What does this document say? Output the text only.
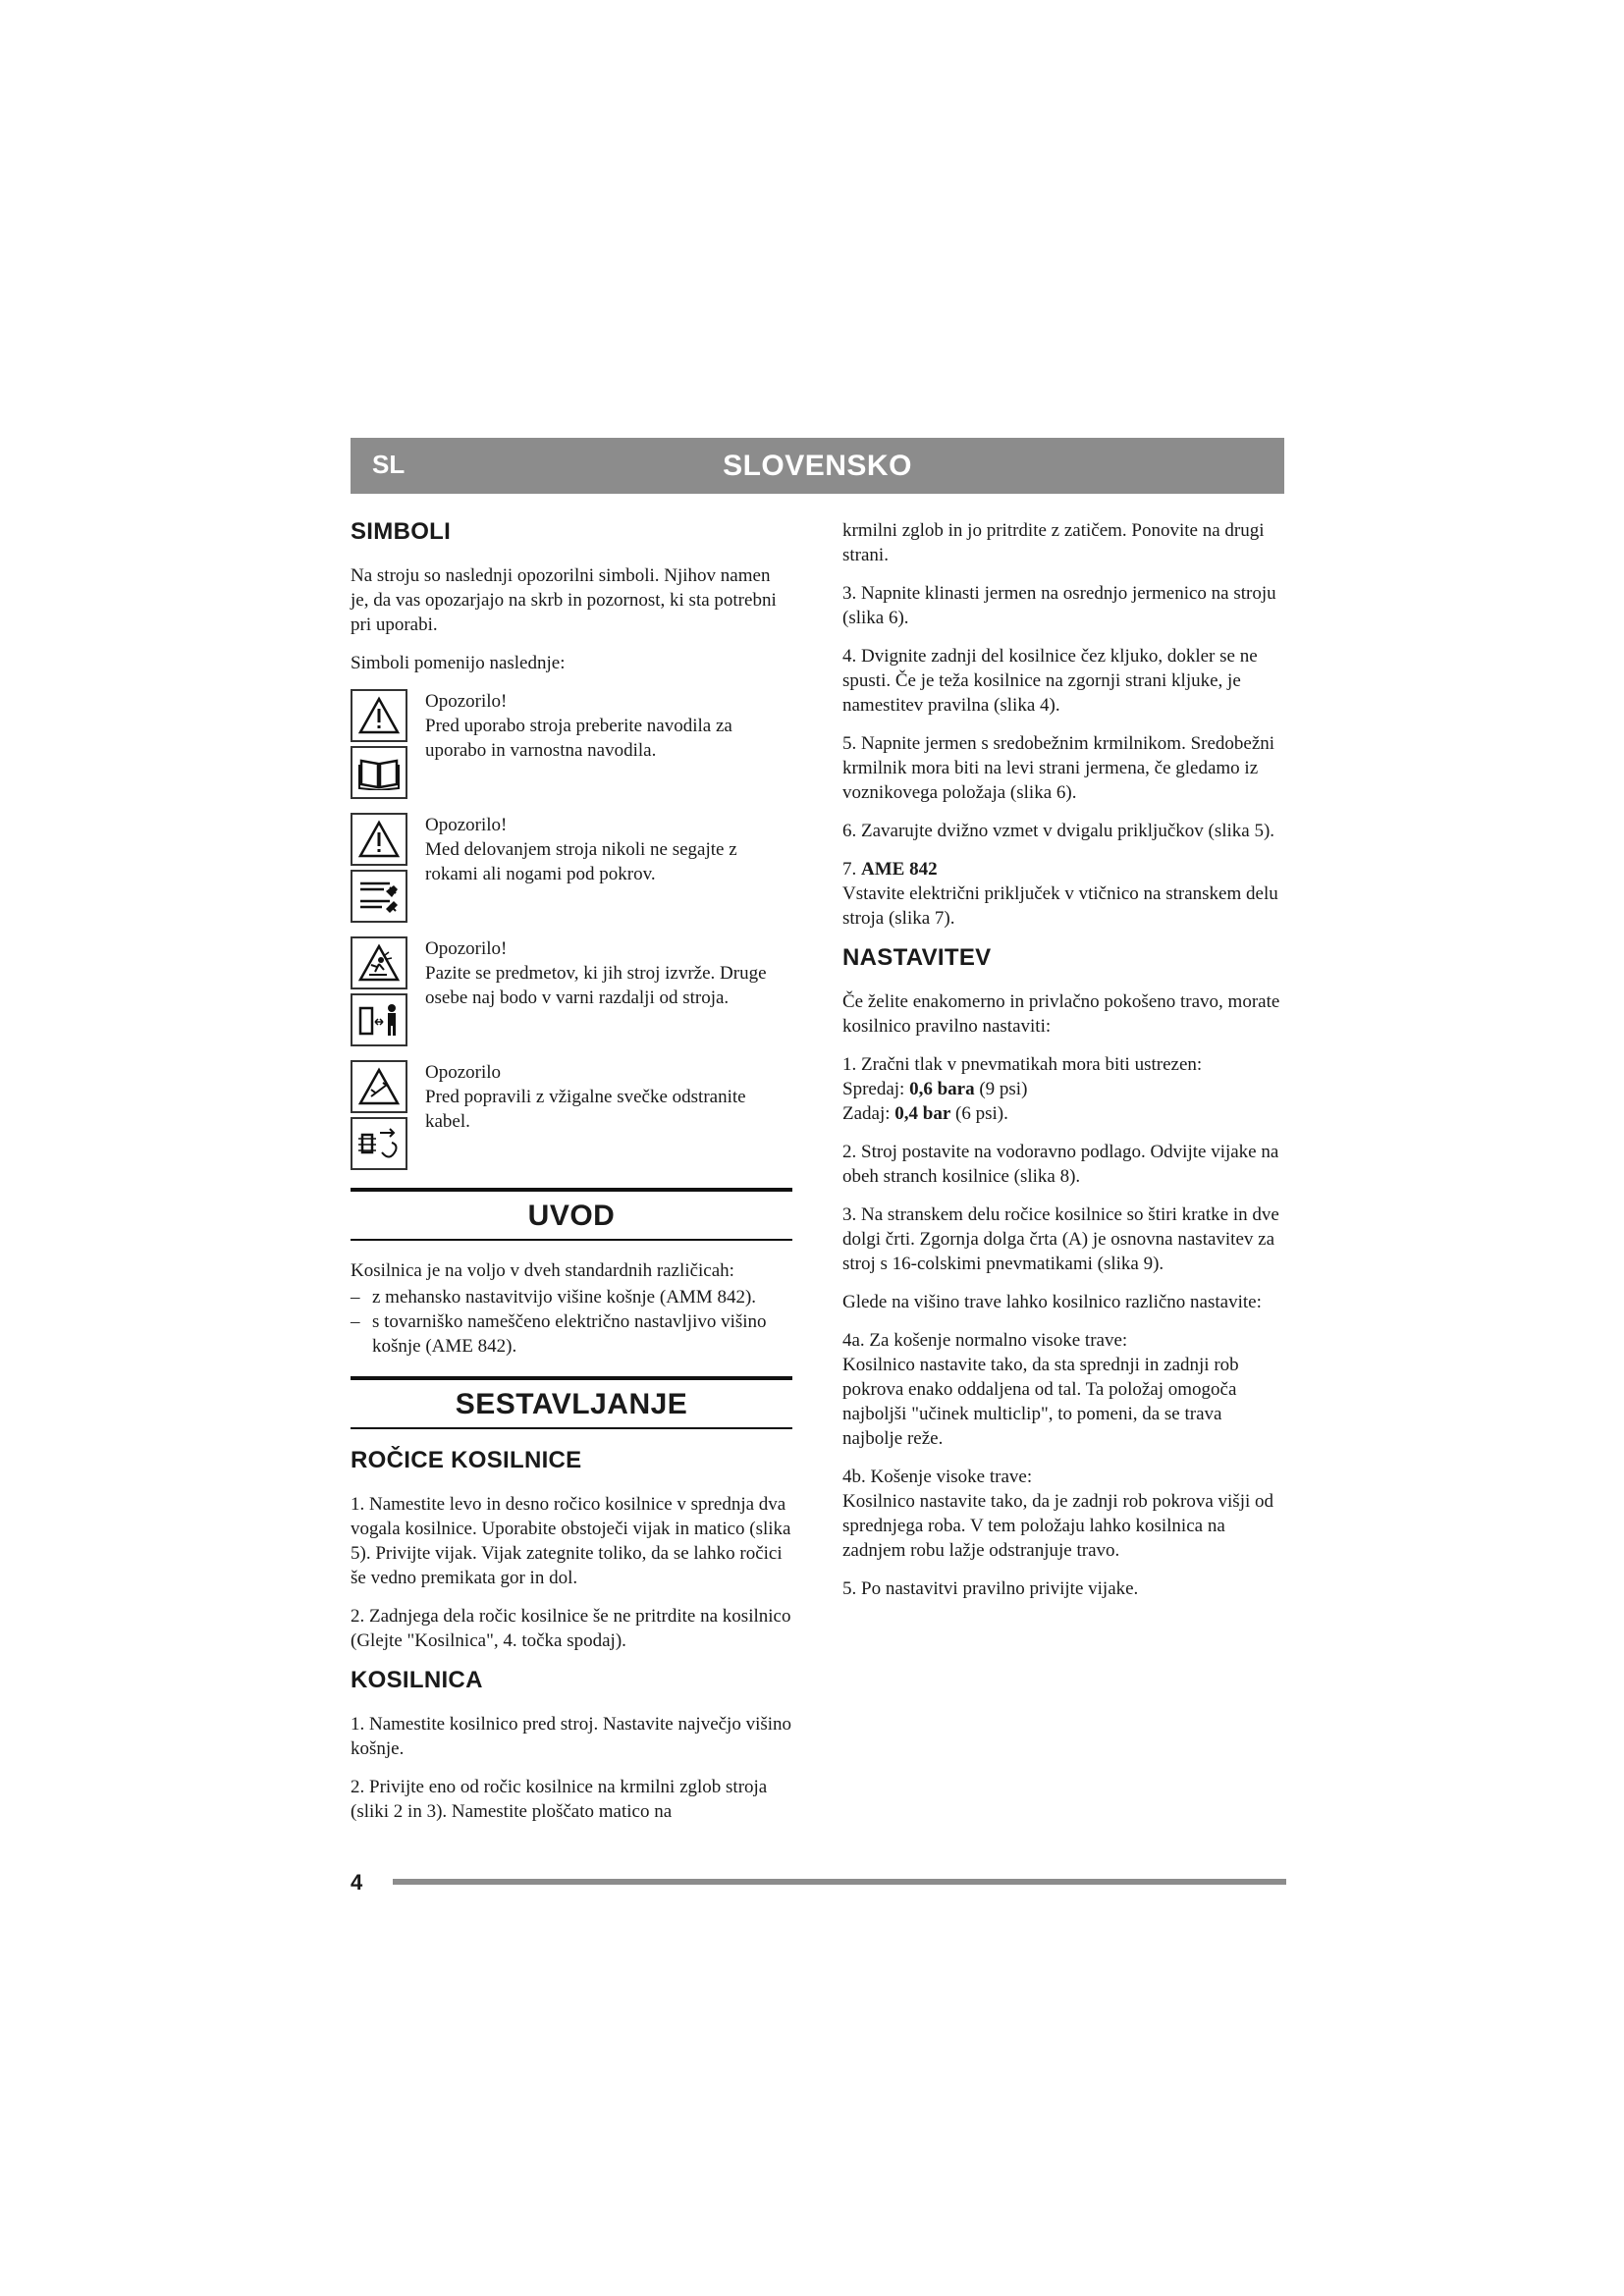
SL	SLOVENSKO
SIMBOLI

Na stroju so naslednji opozorilni simboli. Njihov namen je, da vas opozarjajo na skrb in pozornost, ki sta potrebni pri uporabi.

Simboli pomenijo naslednje:

Opozorilo!
Pred uporabo stroja preberite navodila za uporabo in varnostna navodila.
Opozorilo!
Med delovanjem stroja nikoli ne segajte z rokami ali nogami pod pokrov.
Opozorilo!
Pazite se predmetov, ki jih stroj izvrže. Druge osebe naj bodo v varni razdalji od stroja.
Opozorilo
Pred popravili z vžigalne svečke odstranite kabel.
UVOD

Kosilnica je na voljo v dveh standardnih različicah:

– z mehansko nastavitvijo višine košnje (AMM 842).
– s tovarniško nameščeno električno nastavljivo višino košnje (AME 842).
SESTAVLJANJE
ROČICE KOSILNICE

1. Namestite levo in desno ročico kosilnice v sprednja dva vogala kosilnice. Uporabite obstoječi vijak in matico (slika 5). Privijte vijak. Vijak zategnite toliko, da se lahko ročici še vedno premikata gor in dol.

2. Zadnjega dela ročic kosilnice še ne pritrdite na kosilnico (Glejte "Kosilnica", 4. točka spodaj).

KOSILNICA

1. Namestite kosilnico pred stroj. Nastavite največjo višino košnje.

2. Privijte eno od ročic kosilnice na krmilni zglob stroja (sliki 2 in 3). Namestite ploščato matico na

krmilni zglob in jo pritrdite z zatičem. Ponovite na drugi strani.

3. Napnite klinasti jermen na osrednjo jermenico na stroju (slika 6).

4. Dvignite zadnji del kosilnice čez kljuko, dokler se ne spusti. Če je teža kosilnice na zgornji strani kljuke, je namestitev pravilna (slika 4).

5. Napnite jermen s sredobežnim krmilnikom. Sredobežni krmilnik mora biti na levi strani jermena, če gledamo iz voznikovega položaja (slika 6).

6. Zavarujte dvižno vzmet v dvigalu priključkov (slika 5).

7. AME 842
Vstavite električni priključek v vtičnico na stranskem delu stroja (slika 7).

NASTAVITEV

Če želite enakomerno in privlačno pokošeno travo, morate kosilnico pravilno nastaviti:

1. Zračni tlak v pnevmatikah mora biti ustrezen:
Spredaj: 0,6 bara (9 psi)
Zadaj: 0,4 bar (6 psi).

2. Stroj postavite na vodoravno podlago. Odvijte vijake na obeh stranch kosilnice (slika 8).

3. Na stranskem delu ročice kosilnice so štiri kratke in dve dolgi črti. Zgornja dolga črta (A) je osnovna nastavitev za stroj s 16-colskimi pnevmatikami (slika 9).

Glede na višino trave lahko kosilnico različno nastavite:

4a. Za košenje normalno visoke trave:
Kosilnico nastavite tako, da sta sprednji in zadnji rob pokrova enako oddaljena od tal. Ta položaj omogoča najboljši "učinek multiclip", to pomeni, da se trava najbolje reže.

4b. Košenje visoke trave:
Kosilnico nastavite tako, da je zadnji rob pokrova višji od sprednjega roba. V tem položaju lahko kosilnica na zadnjem robu lažje odstranjuje travo.

5. Po nastavitvi pravilno privijte vijake.

4
